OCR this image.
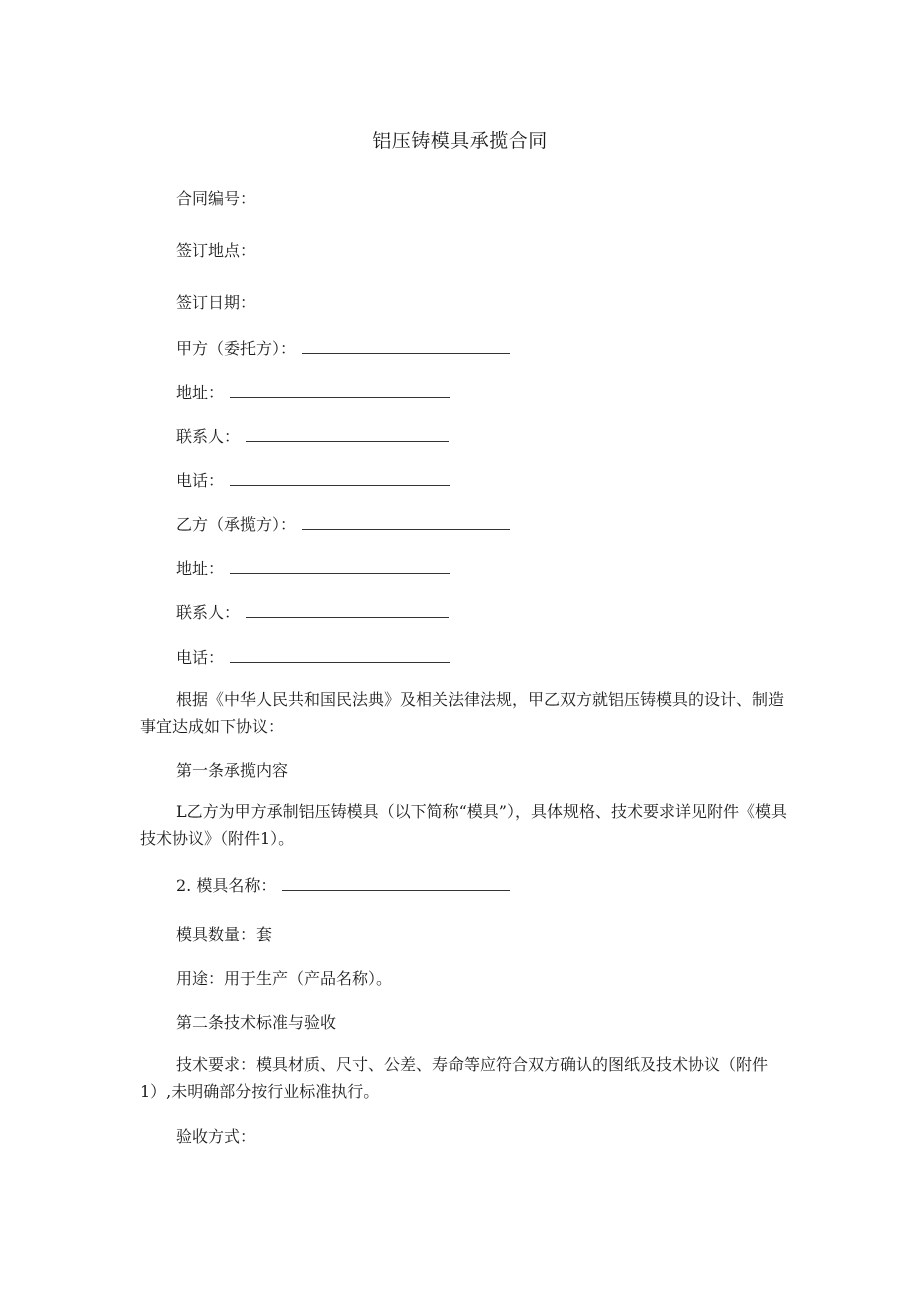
铝压铸模具承揽合同
合同编号：
签订地点：
签订日期：
甲方（委托方）：
地址：
联系人：
电话：
乙方（承揽方）：
地址：
联系人：
电话：
根据《中华人民共和国民法典》及相关法律法规，甲乙双方就铝压铸模具的设计、制造事宜达成如下协议：
第一条承揽内容
L乙方为甲方承制铝压铸模具（以下简称“模具”），具体规格、技术要求详见附件《模具技术协议》（附件1）。
2. 模具名称：
模具数量：套
用途：用于生产（产品名称）。
第二条技术标准与验收
技术要求：模具材质、尺寸、公差、寿命等应符合双方确认的图纸及技术协议（附件1）,未明确部分按行业标准执行。
验收方式：
